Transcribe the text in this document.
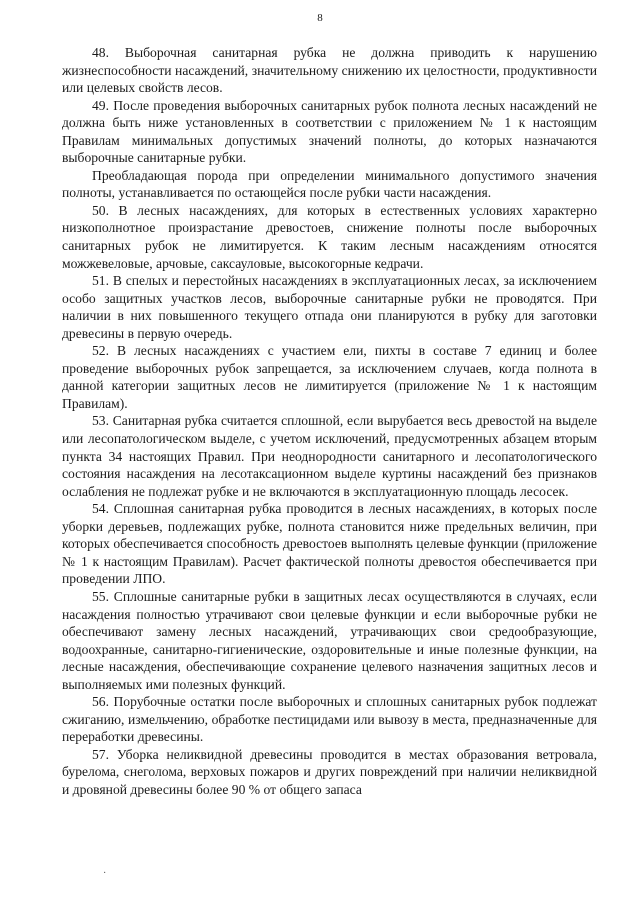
8

48. Выборочная санитарная рубка не должна приводить к нарушению жизнеспособности насаждений, значительному снижению их целостности, продуктивности или целевых свойств лесов.

49. После проведения выборочных санитарных рубок полнота лесных насаждений не должна быть ниже установленных в соответствии с приложением № 1 к настоящим Правилам минимальных допустимых значений полноты, до которых назначаются выборочные санитарные рубки.

Преобладающая порода при определении минимального допустимого значения полноты, устанавливается по остающейся после рубки части насаждения.

50. В лесных насаждениях, для которых в естественных условиях характерно низкополнотное произрастание древостоев, снижение полноты после выборочных санитарных рубок не лимитируется. К таким лесным насаждениям относятся можжевеловые, арчовые, саксауловые, высокогорные кедрачи.

51. В спелых и перестойных насаждениях в эксплуатационных лесах, за исключением особо защитных участков лесов, выборочные санитарные рубки не проводятся. При наличии в них повышенного текущего отпада они планируются в рубку для заготовки древесины в первую очередь.

52. В лесных насаждениях с участием ели, пихты в составе 7 единиц и более проведение выборочных рубок запрещается, за исключением случаев, когда полнота в данной категории защитных лесов не лимитируется (приложение № 1 к настоящим Правилам).

53. Санитарная рубка считается сплошной, если вырубается весь древостой на выделе или лесопатологическом выделе, с учетом исключений, предусмотренных абзацем вторым пункта 34 настоящих Правил. При неоднородности санитарного и лесопатологического состояния насаждения на лесотаксационном выделе куртины насаждений без признаков ослабления не подлежат рубке и не включаются в эксплуатационную площадь лесосек.

54. Сплошная санитарная рубка проводится в лесных насаждениях, в которых после уборки деревьев, подлежащих рубке, полнота становится ниже предельных величин, при которых обеспечивается способность древостоев выполнять целевые функции (приложение № 1 к настоящим Правилам). Расчет фактической полноты древостоя обеспечивается при проведении ЛПО.

55. Сплошные санитарные рубки в защитных лесах осуществляются в случаях, если насаждения полностью утрачивают свои целевые функции и если выборочные рубки не обеспечивают замену лесных насаждений, утрачивающих свои средообразующие, водоохранные, санитарно-гигиенические, оздоровительные и иные полезные функции, на лесные насаждения, обеспечивающие сохранение целевого назначения защитных лесов и выполняемых ими полезных функций.

56. Порубочные остатки после выборочных и сплошных санитарных рубок подлежат сжиганию, измельчению, обработке пестицидами или вывозу в места, предназначенные для переработки древесины.

57. Уборка неликвидной древесины проводится в местах образования ветровала, бурелома, снеголома, верховых пожаров и других повреждений при наличии неликвидной и дровяной древесины более 90 % от общего запаса

·
